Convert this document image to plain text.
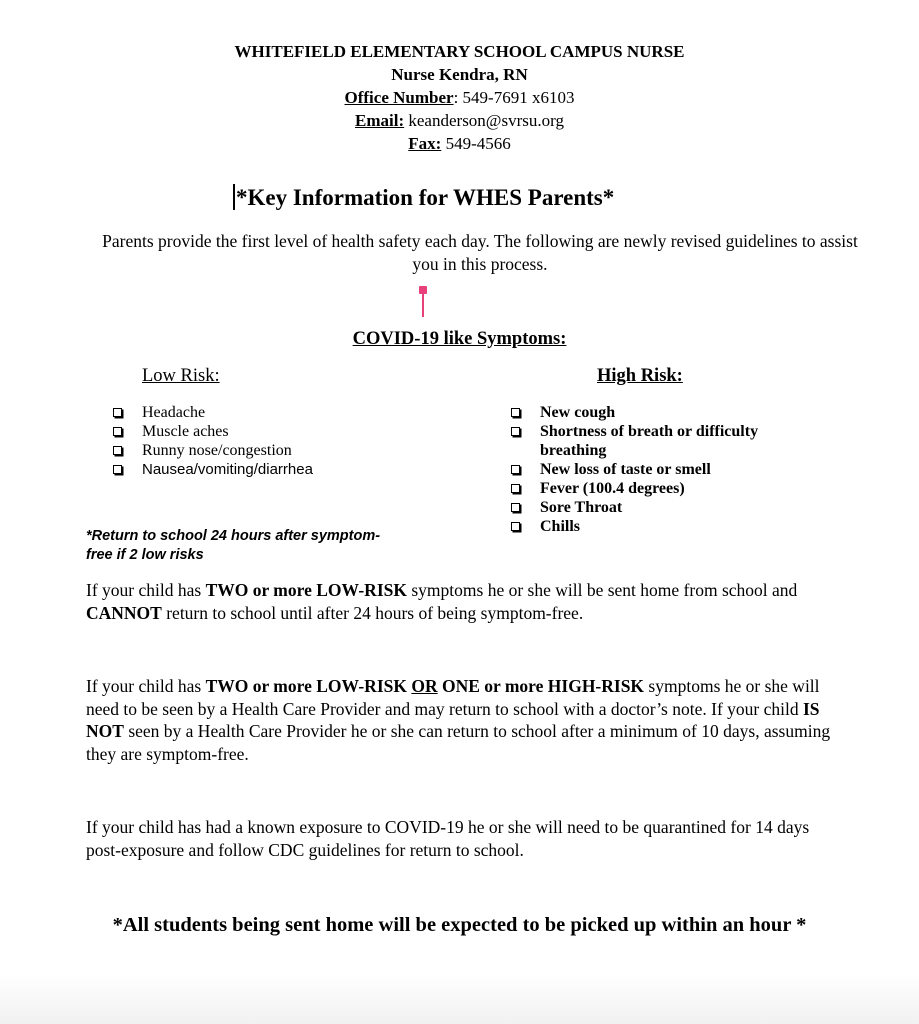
WHITEFIELD ELEMENTARY SCHOOL CAMPUS NURSE
Nurse Kendra, RN
Office Number: 549-7691 x6103
Email: keanderson@svrsu.org
Fax: 549-4566
*Key Information for WHES Parents*
Parents provide the first level of health safety each day. The following are newly revised guidelines to assist you in this process.
COVID-19 like Symptoms:
Low Risk:	High Risk:
Headache
Muscle aches
Runny nose/congestion
Nausea/vomiting/diarrhea
New cough
Shortness of breath or difficulty breathing
New loss of taste or smell
Fever (100.4 degrees)
Sore Throat
Chills
*Return to school 24 hours after symptom-free if 2 low risks
If your child has TWO or more LOW-RISK symptoms he or she will be sent home from school and CANNOT return to school until after 24 hours of being symptom-free.
If your child has TWO or more LOW-RISK OR ONE or more HIGH-RISK symptoms he or she will need to be seen by a Health Care Provider and may return to school with a doctor’s note. If your child IS NOT seen by a Health Care Provider he or she can return to school after a minimum of 10 days, assuming they are symptom-free.
If your child has had a known exposure to COVID-19 he or she will need to be quarantined for 14 days post-exposure and follow CDC guidelines for return to school.
*All students being sent home will be expected to be picked up within an hour *
